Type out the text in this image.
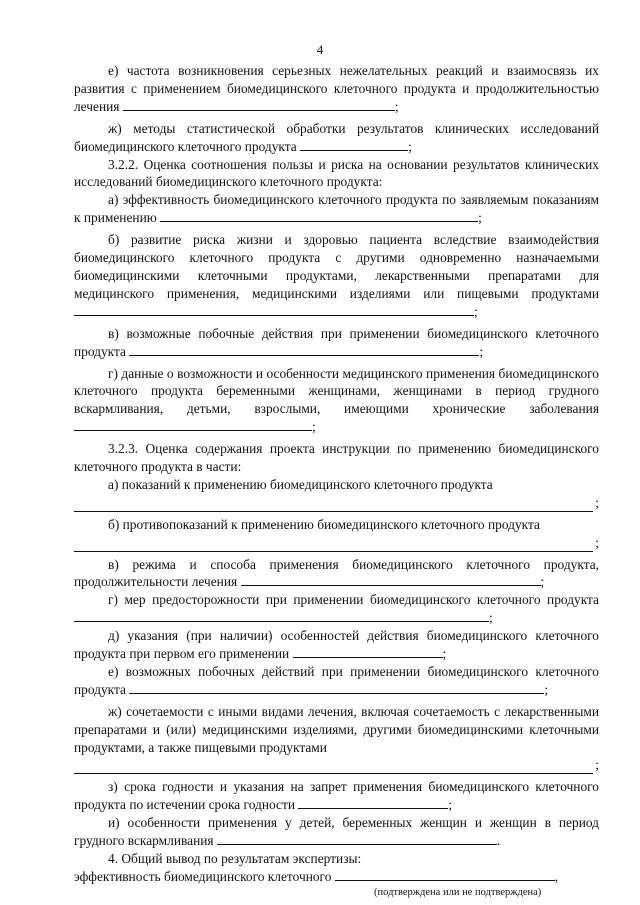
4

е) частота возникновения серьезных нежелательных реакций и взаимосвязь их развития с применением биомедицинского клеточного продукта и продолжительностью лечения	;

ж) методы статистической обработки результатов клинических исследований биомедицинского клеточного продукта	;

3.2.2. Оценка соотношения пользы и риска на основании результатов клинических исследований биомедицинского клеточного продукта:

а) эффективность биомедицинского клеточного продукта по заявляемым показаниям к применению	;

б) развитие риска жизни и здоровью пациента вследствие взаимодействия биомедицинского клеточного продукта с другими одновременно назначаемыми биомедицинскими клеточными продуктами, лекарственными препаратами для медицинского применения, медицинскими изделиями или пищевыми продуктами ;

в) возможные побочные действия при применении биомедицинского клеточного продукта	;

г) данные о возможности и особенности медицинского применения биомедицинского клеточного продукта беременными женщинами, женщинами в период грудного вскармливания, детьми, взрослыми, имеющими хронические заболевания ;

3.2.3. Оценка содержания проекта инструкции по применению биомедицинского клеточного продукта в части:

а) показаний к применению биомедицинского клеточного продукта

;

б) противопоказаний к применению биомедицинского клеточного продукта

;

в) режима и способа применения биомедицинского клеточного продукта, продолжительности лечения	;

г) мер предосторожности при применении биомедицинского клеточного продукта ;

д) указания (при наличии) особенностей действия биомедицинского клеточного продукта при первом его применении	;

е) возможных побочных действий при применении биомедицинского клеточного продукта	;

ж) сочетаемости с иными видами лечения, включая сочетаемость с лекарственными препаратами и (или) медицинскими изделиями, другими биомедицинскими клеточными продуктами, а также пищевыми продуктами

;

з) срока годности и указания на запрет применения биомедицинского клеточного продукта по истечении срока годности	;

и) особенности применения у детей, беременных женщин и женщин в период грудного вскармливания	.

4. Общий вывод по результатам экспертизы:

эффективность биомедицинского клеточного	,

(подтверждена или не подтверждена)
